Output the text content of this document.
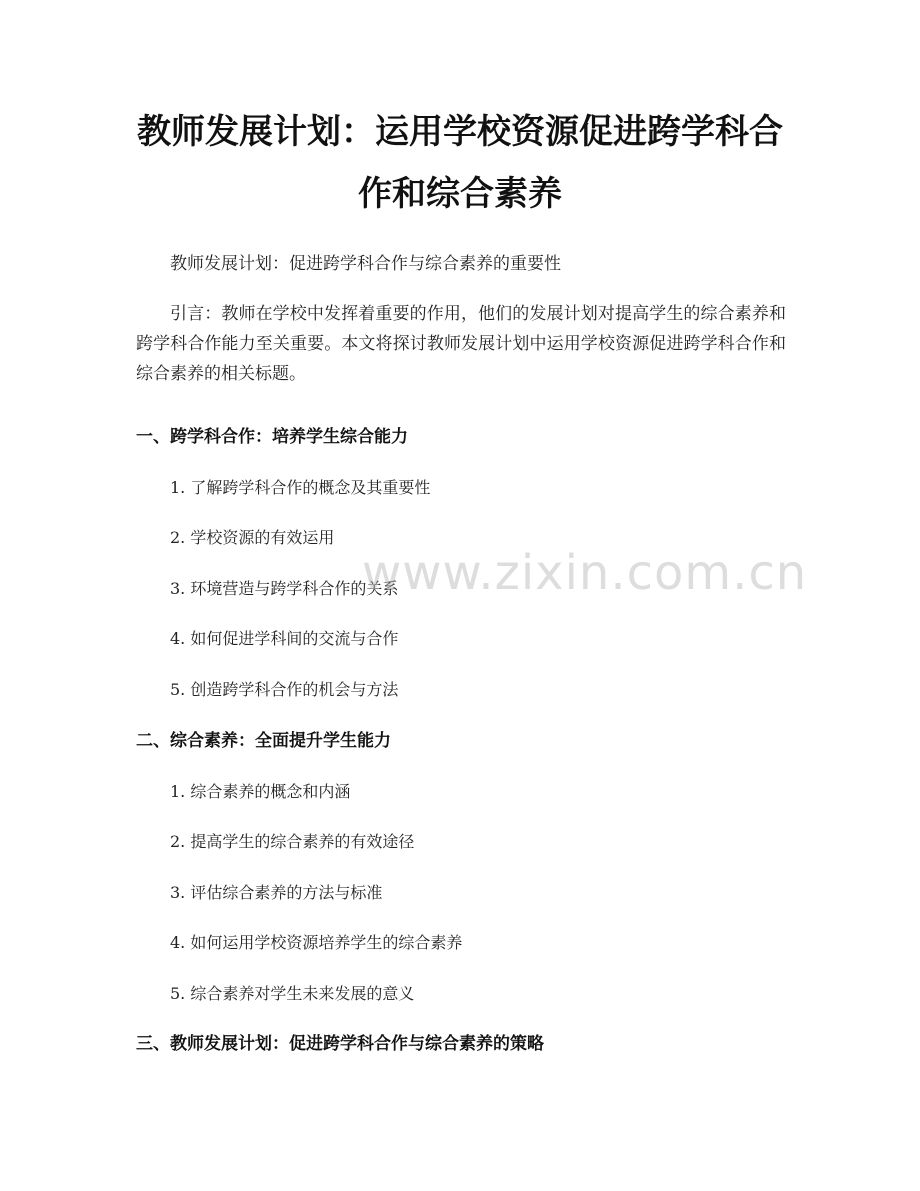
教师发展计划：运用学校资源促进跨学科合
作和综合素养

教师发展计划：促进跨学科合作与综合素养的重要性

引言：教师在学校中发挥着重要的作用，他们的发展计划对提高学生的综合素养和跨学科合作能力至关重要。本文将探讨教师发展计划中运用学校资源促进跨学科合作和综合素养的相关标题。

一、跨学科合作：培养学生综合能力

1. 了解跨学科合作的概念及其重要性

2. 学校资源的有效运用

3. 环境营造与跨学科合作的关系

4. 如何促进学科间的交流与合作

5. 创造跨学科合作的机会与方法

二、综合素养：全面提升学生能力

1. 综合素养的概念和内涵

2. 提高学生的综合素养的有效途径

3. 评估综合素养的方法与标准

4. 如何运用学校资源培养学生的综合素养

5. 综合素养对学生未来发展的意义

三、教师发展计划：促进跨学科合作与综合素养的策略
www.zixin.com.cn
